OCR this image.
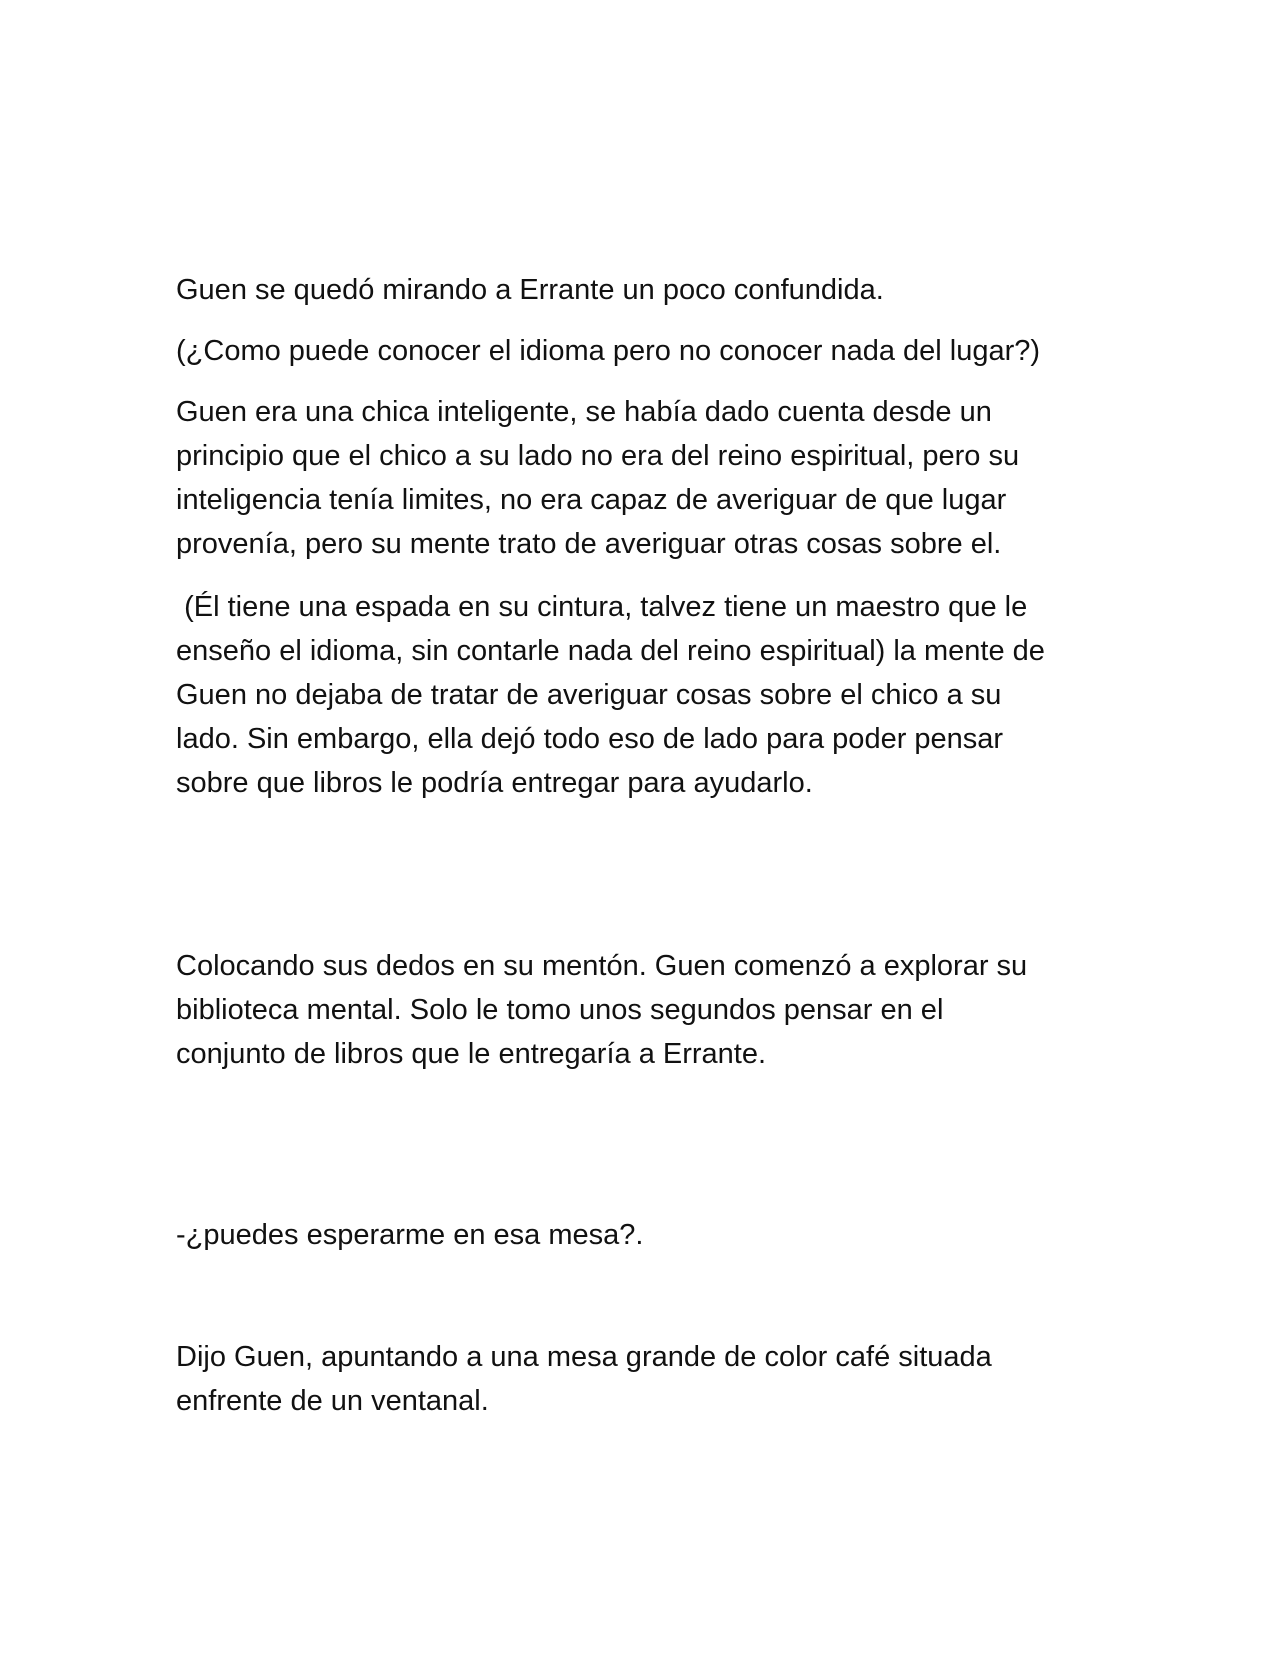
Guen se quedó mirando a Errante un poco confundida.

(¿Como puede conocer el idioma pero no conocer nada del lugar?)

Guen era una chica inteligente, se había dado cuenta desde un
principio que el chico a su lado no era del reino espiritual, pero su
inteligencia tenía limites, no era capaz de averiguar de que lugar
provenía, pero su mente trato de averiguar otras cosas sobre el.

(Él tiene una espada en su cintura, talvez tiene un maestro que le
enseño el idioma, sin contarle nada del reino espiritual) la mente de
Guen no dejaba de tratar de averiguar cosas sobre el chico a su
lado. Sin embargo, ella dejó todo eso de lado para poder pensar
sobre que libros le podría entregar para ayudarlo.

Colocando sus dedos en su mentón. Guen comenzó a explorar su
biblioteca mental. Solo le tomo unos segundos pensar en el
conjunto de libros que le entregaría a Errante.

-¿puedes esperarme en esa mesa?.

Dijo Guen, apuntando a una mesa grande de color café situada
enfrente de un ventanal.
